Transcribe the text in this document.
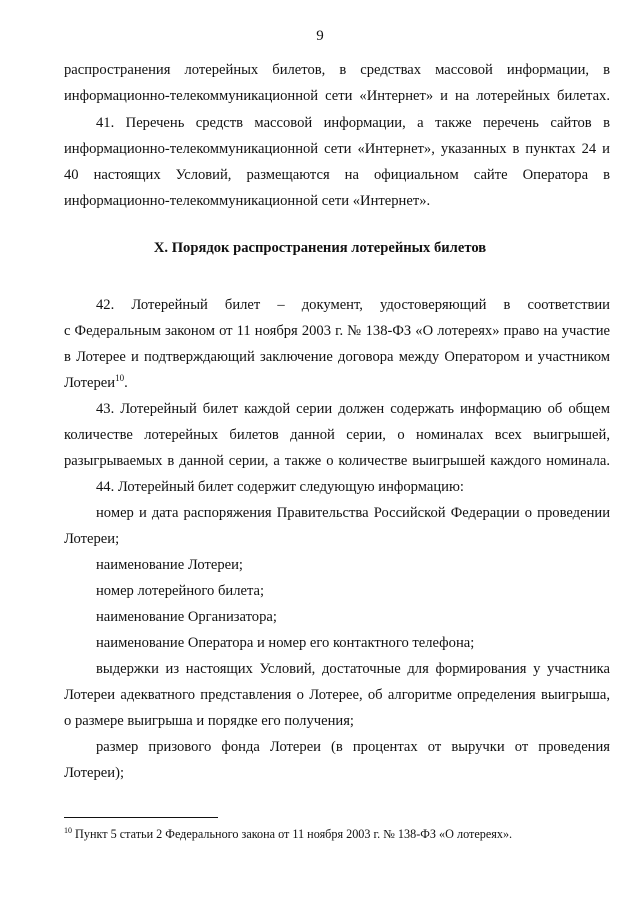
9
распространения лотерейных билетов, в средствах массовой информации, в
информационно-телекоммуникационной сети «Интернет» и на лотерейных билетах.
41. Перечень средств массовой информации, а также перечень сайтов в
информационно-телекоммуникационной сети «Интернет», указанных в пунктах 24 и
40 настоящих Условий, размещаются на официальном сайте Оператора в
информационно-телекоммуникационной сети «Интернет».
X. Порядок распространения лотерейных билетов
42. Лотерейный билет – документ, удостоверяющий в соответствии
с Федеральным законом от 11 ноября 2003 г. № 138-ФЗ «О лотереях» право на участие
в Лотерее и подтверждающий заключение договора между Оператором и участником
Лотереи$^{10}$.
43. Лотерейный билет каждой серии должен содержать информацию об общем
количестве лотерейных билетов данной серии, о номиналах всех выигрышей,
разыгрываемых в данной серии, а также о количестве выигрышей каждого номинала.
44. Лотерейный билет содержит следующую информацию:
номер и дата распоряжения Правительства Российской Федерации о проведении
Лотереи;
наименование Лотереи;
номер лотерейного билета;
наименование Организатора;
наименование Оператора и номер его контактного телефона;
выдержки из настоящих Условий, достаточные для формирования у участника
Лотереи адекватного представления о Лотерее, об алгоритме определения выигрыша,
о размере выигрыша и порядке его получения;
размер призового фонда Лотереи (в процентах от выручки от проведения
Лотереи);
$^{10}$ Пункт 5 статьи 2 Федерального закона от 11 ноября 2003 г. № 138-ФЗ «О лотереях».
